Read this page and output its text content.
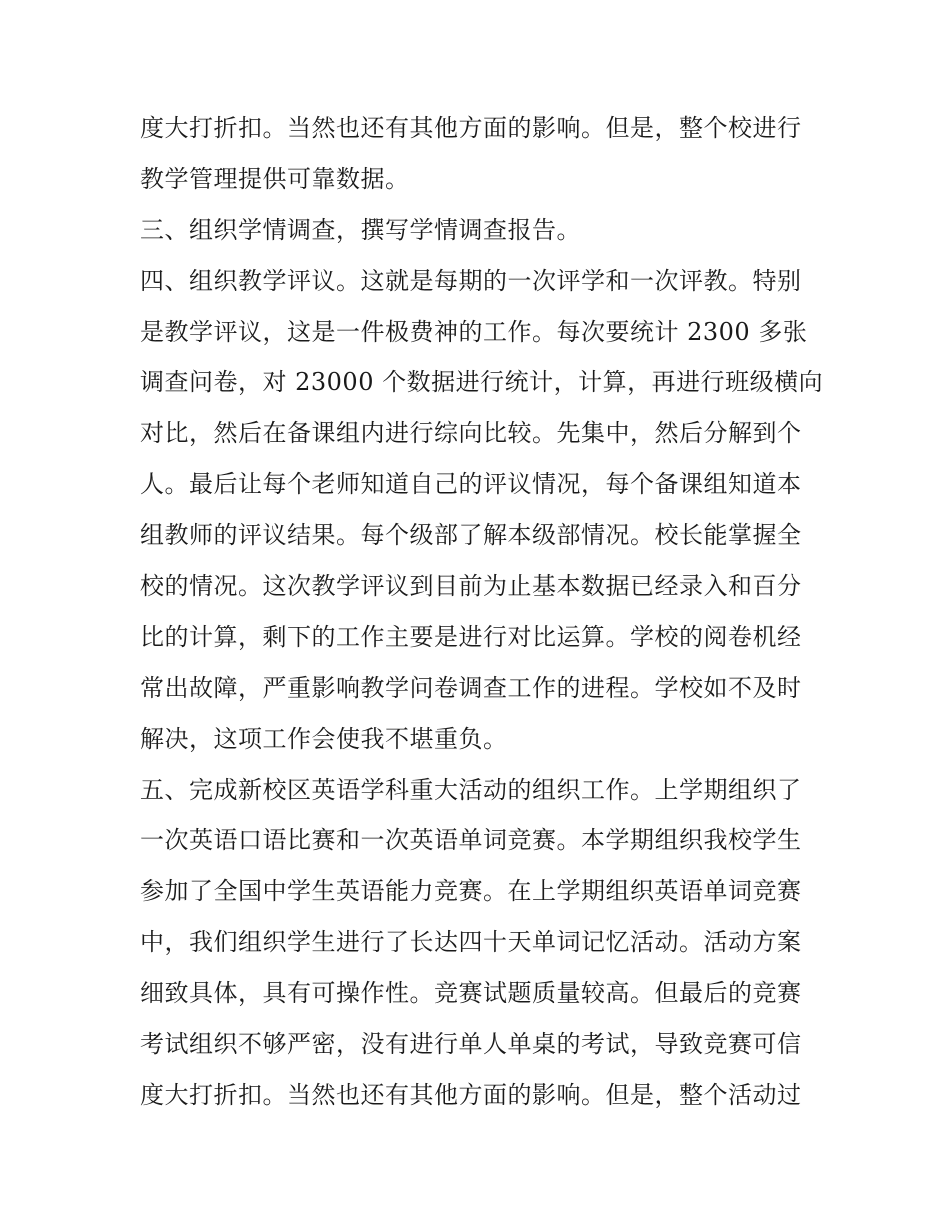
度大打折扣。当然也还有其他方面的影响。但是，整个校进行
教学管理提供可靠数据。
三、组织学情调查，撰写学情调查报告。
四、组织教学评议。这就是每期的一次评学和一次评教。特别
是教学评议，这是一件极费神的工作。每次要统计 2300 多张
调查问卷，对 23000 个数据进行统计，计算，再进行班级横向
对比，然后在备课组内进行综向比较。先集中，然后分解到个
人。最后让每个老师知道自己的评议情况，每个备课组知道本
组教师的评议结果。每个级部了解本级部情况。校长能掌握全
校的情况。这次教学评议到目前为止基本数据已经录入和百分
比的计算，剩下的工作主要是进行对比运算。学校的阅卷机经
常出故障，严重影响教学问卷调查工作的进程。学校如不及时
解决，这项工作会使我不堪重负。
五、完成新校区英语学科重大活动的组织工作。上学期组织了
一次英语口语比赛和一次英语单词竞赛。本学期组织我校学生
参加了全国中学生英语能力竞赛。在上学期组织英语单词竞赛
中，我们组织学生进行了长达四十天单词记忆活动。活动方案
细致具体，具有可操作性。竞赛试题质量较高。但最后的竞赛
考试组织不够严密，没有进行单人单桌的考试，导致竞赛可信
度大打折扣。当然也还有其他方面的影响。但是，整个活动过
